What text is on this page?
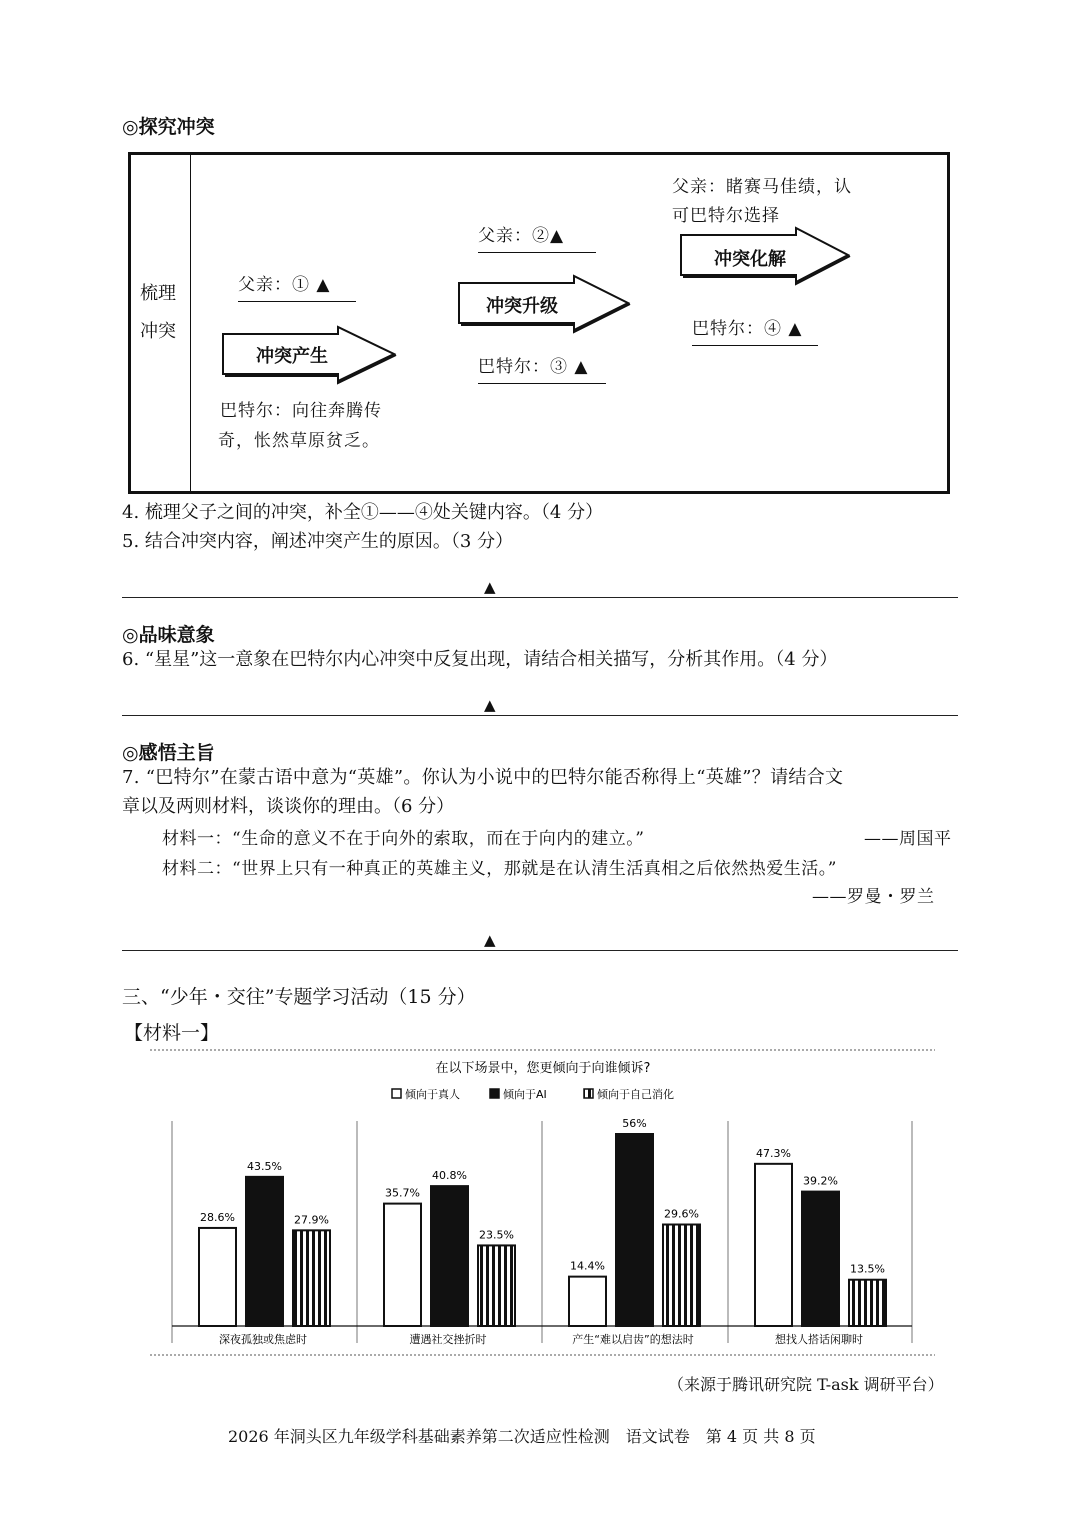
◎探究冲突
梳理
冲突
父亲：① ▲
冲突产生
巴特尔：向往奔腾传
奇，怅然草原贫乏。
父亲：②▲
冲突升级
巴特尔：③ ▲
父亲：睹赛马佳绩，认
可巴特尔选择
冲突化解
巴特尔：④ ▲
4. 梳理父子之间的冲突，补全①——④处关键内容。（4 分）
5. 结合冲突内容，阐述冲突产生的原因。（3 分）
▲
◎品味意象
6. “星星”这一意象在巴特尔内心冲突中反复出现，请结合相关描写，分析其作用。（4 分）
▲
◎感悟主旨
7. “巴特尔”在蒙古语中意为“英雄”。你认为小说中的巴特尔能否称得上“英雄”？请结合文
章以及两则材料，谈谈你的理由。（6 分）
材料一：“生命的意义不在于向外的索取，而在于向内的建立。”	——周国平
材料二：“世界上只有一种真正的英雄主义，那就是在认清生活真相之后依然热爱生活。”
——罗曼・罗兰
▲
三、“少年・交往”专题学习活动（15 分）
【材料一】
在以下场景中，您更倾向于向谁倾诉?
倾向于真人	倾向于AI	倾向于自己消化
28.6%
43.5%
27.9%
深夜孤独或焦虑时
35.7%
40.8%
23.5%
遭遇社交挫折时
14.4%
56%
29.6%
产生“难以启齿”的想法时
47.3%
39.2%
13.5%
想找人搭话闲聊时
（来源于腾讯研究院 T-ask 调研平台）
2026 年洞头区九年级学科基础素养第二次适应性检测　语文试卷　第 4 页 共 8 页
